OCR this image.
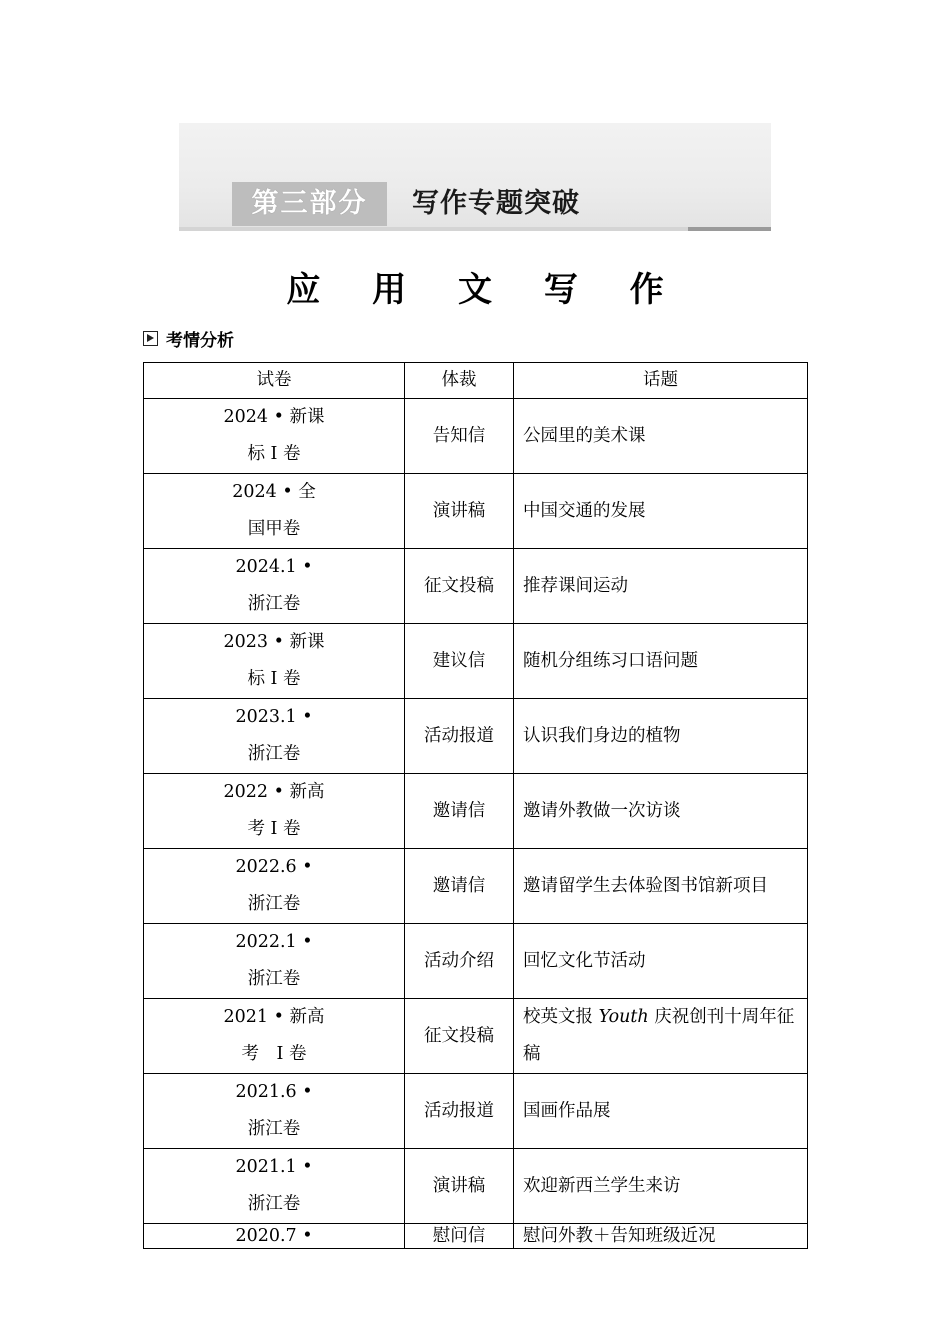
第三部分	写作专题突破
应 用 文 写 作
考情分析
试卷	体裁	话题

2024 • 新课
标 I 卷	告知信	公园里的美术课

2024 • 全
国甲卷	演讲稿	中国交通的发展

2024.1 •
浙江卷	征文投稿	推荐课间运动

2023 • 新课
标 I 卷	建议信	随机分组练习口语问题

2023.1 •
浙江卷	活动报道	认识我们身边的植物

2022 • 新高
考 I 卷	邀请信	邀请外教做一次访谈

2022.6 •
浙江卷	邀请信	邀请留学生去体验图书馆新项目

2022.1 •
浙江卷	活动介绍	回忆文化节活动

2021 • 新高
考　I 卷	征文投稿	校英文报 Youth 庆祝创刊十周年征稿

2021.6 •
浙江卷	活动报道	国画作品展

2021.1 •
浙江卷	演讲稿	欢迎新西兰学生来访
2020.7 •	慰问信	慰问外教＋告知班级近况
